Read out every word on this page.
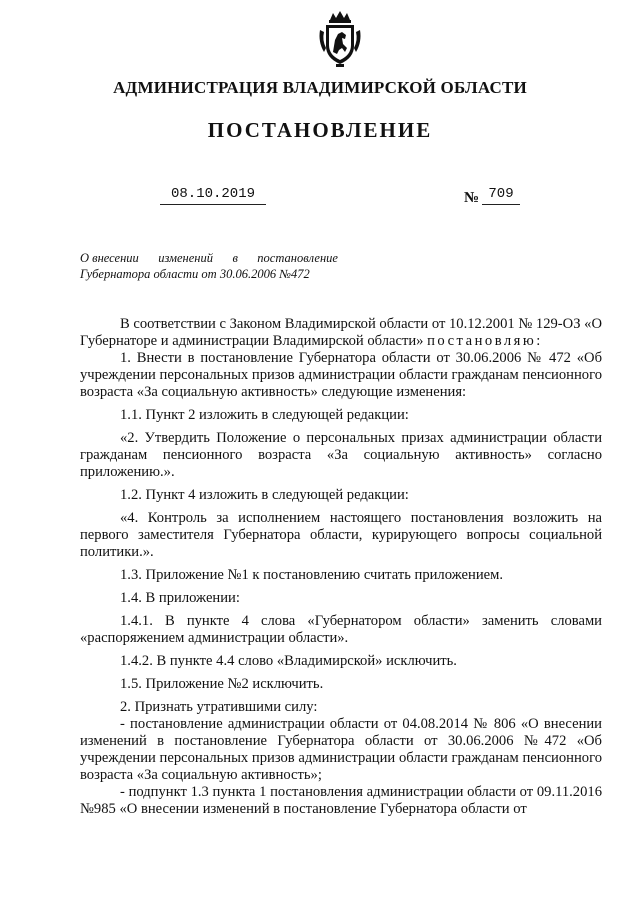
АДМИНИСТРАЦИЯ ВЛАДИМИРСКОЙ ОБЛАСТИ
ПОСТАНОВЛЕНИЕ
08.10.2019	№ 709
О внесении изменений в постановление
Губернатора области от 30.06.2006 №472

В соответствии с Законом Владимирской области от 10.12.2001 № 129-ОЗ «О Губернаторе и администрации Владимирской области» постановляю:

1. Внести в постановление Губернатора области от 30.06.2006 № 472 «Об учреждении персональных призов администрации области гражданам пенсионного возраста «За социальную активность» следующие изменения:

1.1. Пункт 2 изложить в следующей редакции:

«2. Утвердить Положение о персональных призах администрации области гражданам пенсионного возраста «За социальную активность» согласно приложению.».

1.2. Пункт 4 изложить в следующей редакции:

«4. Контроль за исполнением настоящего постановления возложить на первого заместителя Губернатора области, курирующего вопросы социальной политики.».

1.3. Приложение №1 к постановлению считать приложением.

1.4. В приложении:

1.4.1. В пункте 4 слова «Губернатором области» заменить словами «распоряжением администрации области».

1.4.2. В пункте 4.4 слово «Владимирской» исключить.

1.5. Приложение №2 исключить.

2. Признать утратившими силу:

- постановление администрации области от 04.08.2014 № 806 «О внесении изменений в постановление Губернатора области от 30.06.2006 №472 «Об учреждении персональных призов администрации области гражданам пенсионного возраста «За социальную активность»;

- подпункт 1.3 пункта 1 постановления администрации области от 09.11.2016 №985 «О внесении изменений в постановление Губернатора области от
